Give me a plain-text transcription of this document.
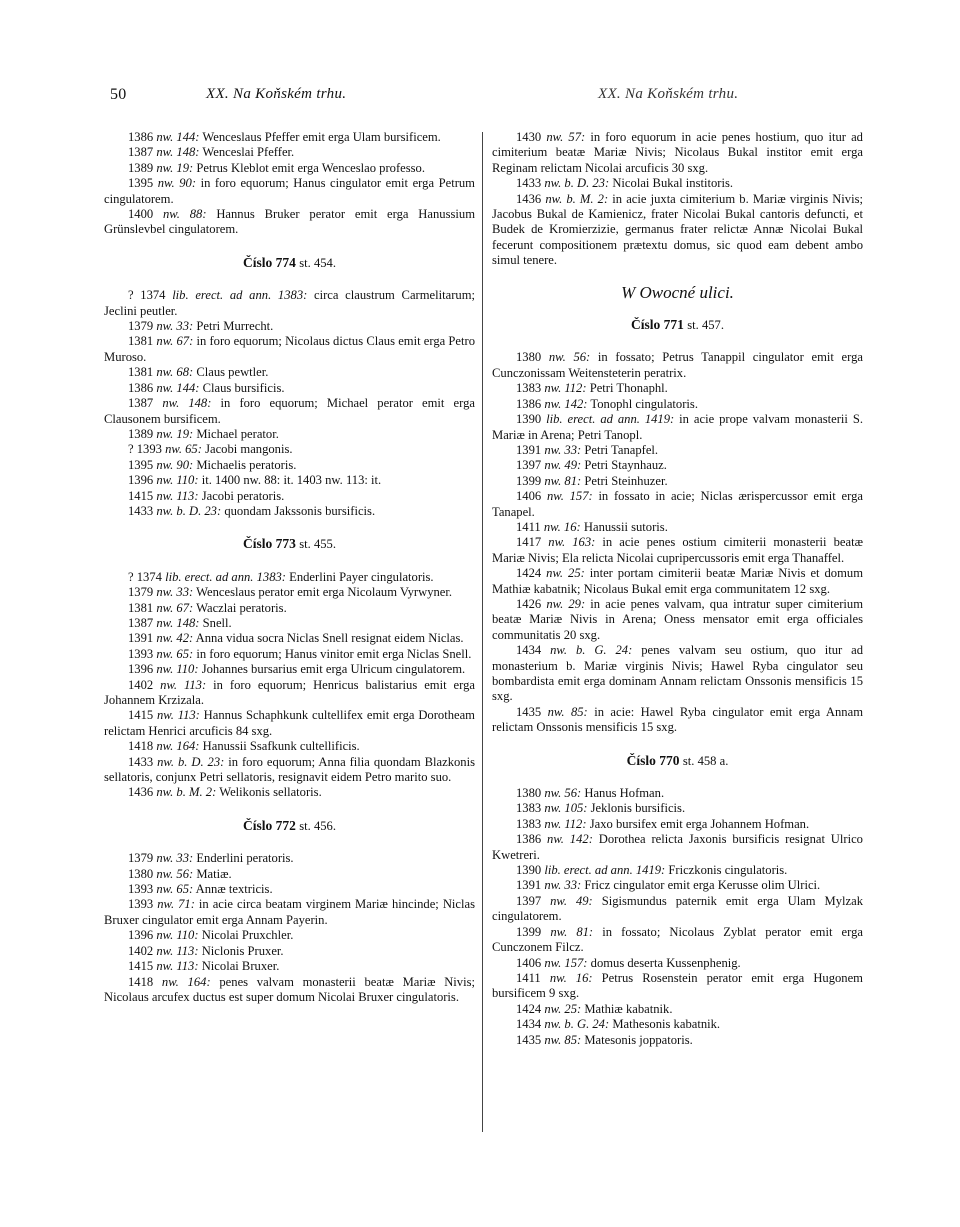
50	XX. Na Koňském trhu.	XX. Na Koňském trhu.

1386 nw. 144: Wenceslaus Pfeffer emit erga Ulam bursificem.

1387 nw. 148: Wenceslai Pfeffer.

1389 nw. 19: Petrus Kleblot emit erga Wenceslao professo.

1395 nw. 90: in foro equorum; Hanus cingulator emit erga Petrum cingulatorem.

1400 nw. 88: Hannus Bruker perator emit erga Hanussium Grünslevbel cingulatorem.

Číslo 774 st. 454.

? 1374 lib. erect. ad ann. 1383: circa claustrum Carmelitarum; Jeclini peutler.

1379 nw. 33: Petri Murrecht.

1381 nw. 67: in foro equorum; Nicolaus dictus Claus emit erga Petro Muroso.

1381 nw. 68: Claus pewtler.

1386 nw. 144: Claus bursificis.

1387 nw. 148: in foro equorum; Michael perator emit erga Clausonem bursificem.

1389 nw. 19: Michael perator.

? 1393 nw. 65: Jacobi mangonis.

1395 nw. 90: Michaelis peratoris.

1396 nw. 110: it. 1400 nw. 88: it. 1403 nw. 113: it.

1415 nw. 113: Jacobi peratoris.

1433 nw. b. D. 23: quondam Jakssonis bursificis.

Číslo 773 st. 455.

? 1374 lib. erect. ad ann. 1383: Enderlini Payer cingulatoris.

1379 nw. 33: Wenceslaus perator emit erga Nicolaum Vyrwyner.

1381 nw. 67: Waczlai peratoris.

1387 nw. 148: Snell.

1391 nw. 42: Anna vidua socra Niclas Snell resignat eidem Niclas.

1393 nw. 65: in foro equorum; Hanus vinitor emit erga Niclas Snell.

1396 nw. 110: Johannes bursarius emit erga Ulricum cingulatorem.

1402 nw. 113: in foro equorum; Henricus balistarius emit erga Johannem Krzizala.

1415 nw. 113: Hannus Schaphkunk cultellifex emit erga Dorotheam relictam Henrici arcuficis 84 sxg.

1418 nw. 164: Hanussii Ssafkunk cultellificis.

1433 nw. b. D. 23: in foro equorum; Anna filia quondam Blazkonis sellatoris, conjunx Petri sellatoris, resignavit eidem Petro marito suo.

1436 nw. b. M. 2: Welikonis sellatoris.

Číslo 772 st. 456.

1379 nw. 33: Enderlini peratoris.

1380 nw. 56: Matiæ.

1393 nw. 65: Annæ textricis.

1393 nw. 71: in acie circa beatam virginem Mariæ hincinde; Niclas Bruxer cingulator emit erga Annam Payerin.

1396 nw. 110: Nicolai Pruxchler.

1402 nw. 113: Niclonis Pruxer.

1415 nw. 113: Nicolai Bruxer.

1418 nw. 164: penes valvam monasterii beatæ Mariæ Nivis; Nicolaus arcufex ductus est super domum Nicolai Bruxer cingulatoris.

1430 nw. 57: in foro equorum in acie penes hostium, quo itur ad cimiterium beatæ Mariæ Nivis; Nicolaus Bukal institor emit erga Reginam relictam Nicolai arcuficis 30 sxg.

1433 nw. b. D. 23: Nicolai Bukal institoris.

1436 nw. b. M. 2: in acie juxta cimiterium b. Mariæ virginis Nivis; Jacobus Bukal de Kamienicz, frater Nicolai Bukal cantoris defuncti, et Budek de Kromierzizie, germanus frater relictæ Annæ Nicolai Bukal fecerunt compositionem prætextu domus, sic quod eam debent ambo simul tenere.

W Owocné ulici.
Číslo 771 st. 457.

1380 nw. 56: in fossato; Petrus Tanappil cingulator emit erga Cunczonissam Weitensteterin peratrix.

1383 nw. 112: Petri Thonaphl.

1386 nw. 142: Tonophl cingulatoris.

1390 lib. erect. ad ann. 1419: in acie prope valvam monasterii S. Mariæ in Arena; Petri Tanopl.

1391 nw. 33: Petri Tanapfel.

1397 nw. 49: Petri Staynhauz.

1399 nw. 81: Petri Steinhuzer.

1406 nw. 157: in fossato in acie; Niclas ærispercussor emit erga Tanapel.

1411 nw. 16: Hanussii sutoris.

1417 nw. 163: in acie penes ostium cimiterii monasterii beatæ Mariæ Nivis; Ela relicta Nicolai cupripercussoris emit erga Thanaffel.

1424 nw. 25: inter portam cimiterii beatæ Mariæ Nivis et domum Mathiæ kabatnik; Nicolaus Bukal emit erga communitatem 12 sxg.

1426 nw. 29: in acie penes valvam, qua intratur super cimiterium beatæ Mariæ Nivis in Arena; Oness mensator emit erga officiales communitatis 20 sxg.

1434 nw. b. G. 24: penes valvam seu ostium, quo itur ad monasterium b. Mariæ virginis Nivis; Hawel Ryba cingulator seu bombardista emit erga dominam Annam relictam Onssonis mensificis 15 sxg.

1435 nw. 85: in acie: Hawel Ryba cingulator emit erga Annam relictam Onssonis mensificis 15 sxg.

Číslo 770 st. 458 a.

1380 nw. 56: Hanus Hofman.

1383 nw. 105: Jeklonis bursificis.

1383 nw. 112: Jaxo bursifex emit erga Johannem Hofman.

1386 nw. 142: Dorothea relicta Jaxonis bursificis resignat Ulrico Kwetreri.

1390 lib. erect. ad ann. 1419: Friczkonis cingulatoris.

1391 nw. 33: Fricz cingulator emit erga Kerusse olim Ulrici.

1397 nw. 49: Sigismundus paternik emit erga Ulam Mylzak cingulatorem.

1399 nw. 81: in fossato; Nicolaus Zyblat perator emit erga Cunczonem Filcz.

1406 nw. 157: domus deserta Kussenphenig.

1411 nw. 16: Petrus Rosenstein perator emit erga Hugonem bursificem 9 sxg.

1424 nw. 25: Mathiæ kabatnik.

1434 nw. b. G. 24: Mathesonis kabatnik.

1435 nw. 85: Matesonis joppatoris.
